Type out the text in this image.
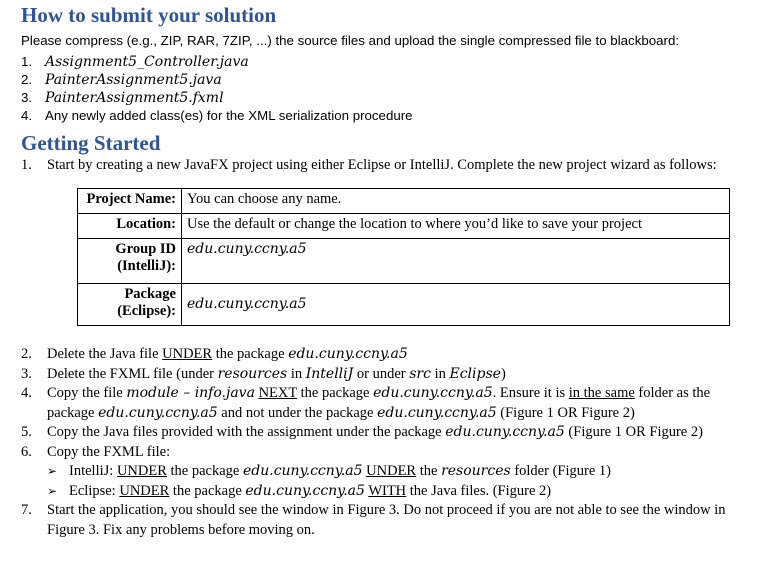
How to submit your solution
Please compress (e.g., ZIP, RAR, 7ZIP, ...) the source files and upload the single compressed file to blackboard:
1. Assignment5_Controller.java
2. PainterAssignment5.java
3. PainterAssignment5.fxml
4. Any newly added class(es) for the XML serialization procedure
Getting Started
1. Start by creating a new JavaFX project using either Eclipse or IntelliJ. Complete the new project wizard as follows:
Project Name:	You can choose any name.
Location:	Use the default or change the location to where you’d like to save your project
Group ID (IntelliJ):	edu.cuny.ccny.a5
Package (Eclipse):	edu.cuny.ccny.a5
2. Delete the Java file UNDER the package edu.cuny.ccny.a5
3. Delete the FXML file (under resources in IntelliJ or under src in Eclipse)
4. Copy the file module – info.java NEXT the package edu.cuny.ccny.a5. Ensure it is in the same folder as the package edu.cuny.ccny.a5 and not under the package edu.cuny.ccny.a5 (Figure 1 OR Figure 2)
5. Copy the Java files provided with the assignment under the package edu.cuny.ccny.a5 (Figure 1 OR Figure 2)
6. Copy the FXML file:
➢ IntelliJ: UNDER the package edu.cuny.ccny.a5 UNDER the resources folder (Figure 1)
➢ Eclipse: UNDER the package edu.cuny.ccny.a5 WITH the Java files. (Figure 2)
7. Start the application, you should see the window in Figure 3. Do not proceed if you are not able to see the window in Figure 3. Fix any problems before moving on.
